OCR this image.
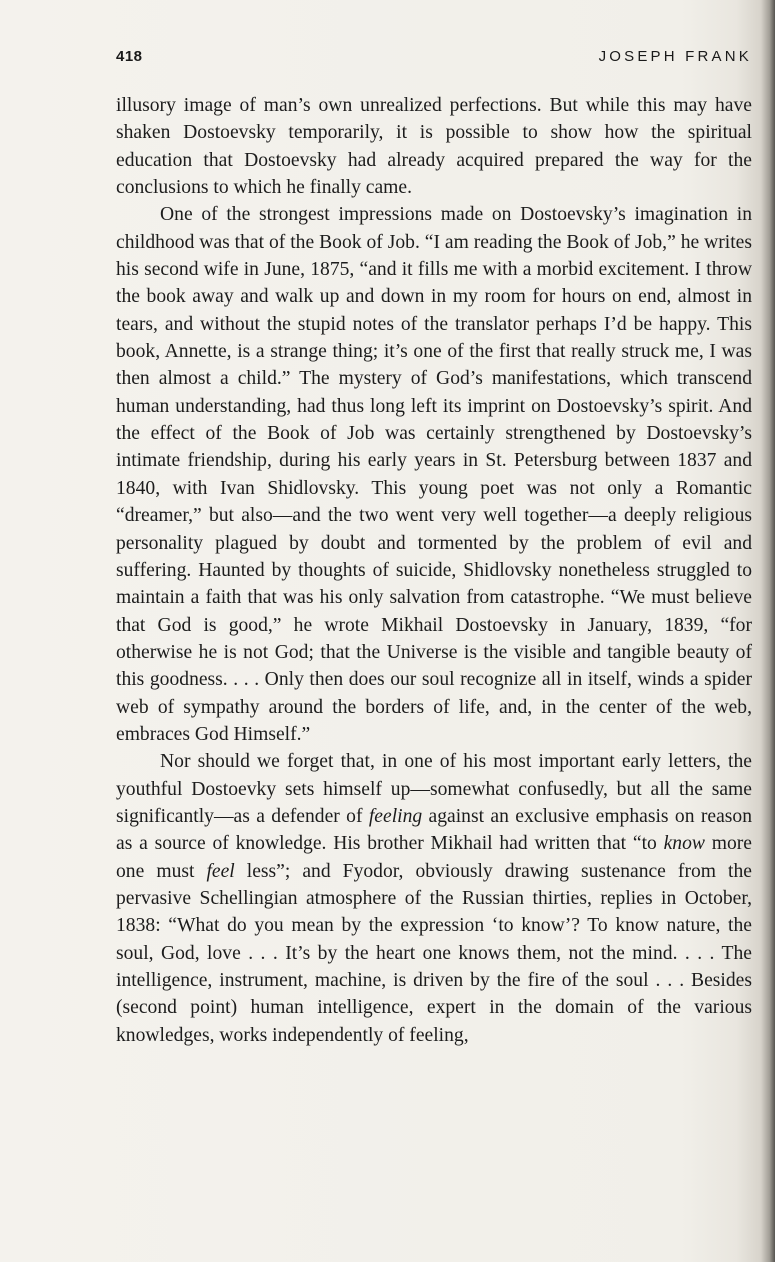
418	JOSEPH FRANK

illusory image of man’s own unrealized perfections. But while this may have shaken Dostoevsky temporarily, it is possible to show how the spiritual education that Dostoevsky had already acquired prepared the way for the conclusions to which he finally came.

One of the strongest impressions made on Dostoevsky’s imagination in childhood was that of the Book of Job. “I am reading the Book of Job,” he writes his second wife in June, 1875, “and it fills me with a morbid excitement. I throw the book away and walk up and down in my room for hours on end, almost in tears, and without the stupid notes of the translator perhaps I’d be happy. This book, Annette, is a strange thing; it’s one of the first that really struck me, I was then almost a child.” The mystery of God’s manifestations, which transcend human understanding, had thus long left its imprint on Dostoevsky’s spirit. And the effect of the Book of Job was certainly strengthened by Dostoevsky’s intimate friendship, during his early years in St. Petersburg between 1837 and 1840, with Ivan Shidlovsky. This young poet was not only a Romantic “dreamer,” but also—and the two went very well together—a deeply religious personality plagued by doubt and tormented by the problem of evil and suffering. Haunted by thoughts of suicide, Shidlovsky nonetheless struggled to maintain a faith that was his only salvation from catastrophe. “We must believe that God is good,” he wrote Mikhail Dostoevsky in January, 1839, “for otherwise he is not God; that the Universe is the visible and tangible beauty of this goodness. . . . Only then does our soul recognize all in itself, winds a spider web of sympathy around the borders of life, and, in the center of the web, embraces God Himself.”

Nor should we forget that, in one of his most important early letters, the youthful Dostoevky sets himself up—somewhat confusedly, but all the same significantly—as a defender of feeling against an exclusive emphasis on reason as a source of knowledge. His brother Mikhail had written that “to know more one must feel less”; and Fyodor, obviously drawing sustenance from the pervasive Schellingian atmosphere of the Russian thirties, replies in October, 1838: “What do you mean by the expression ‘to know’? To know nature, the soul, God, love . . . It’s by the heart one knows them, not the mind. . . . The intelligence, instrument, machine, is driven by the fire of the soul . . . Besides (second point) human intelligence, expert in the domain of the various knowledges, works independently of feeling,
